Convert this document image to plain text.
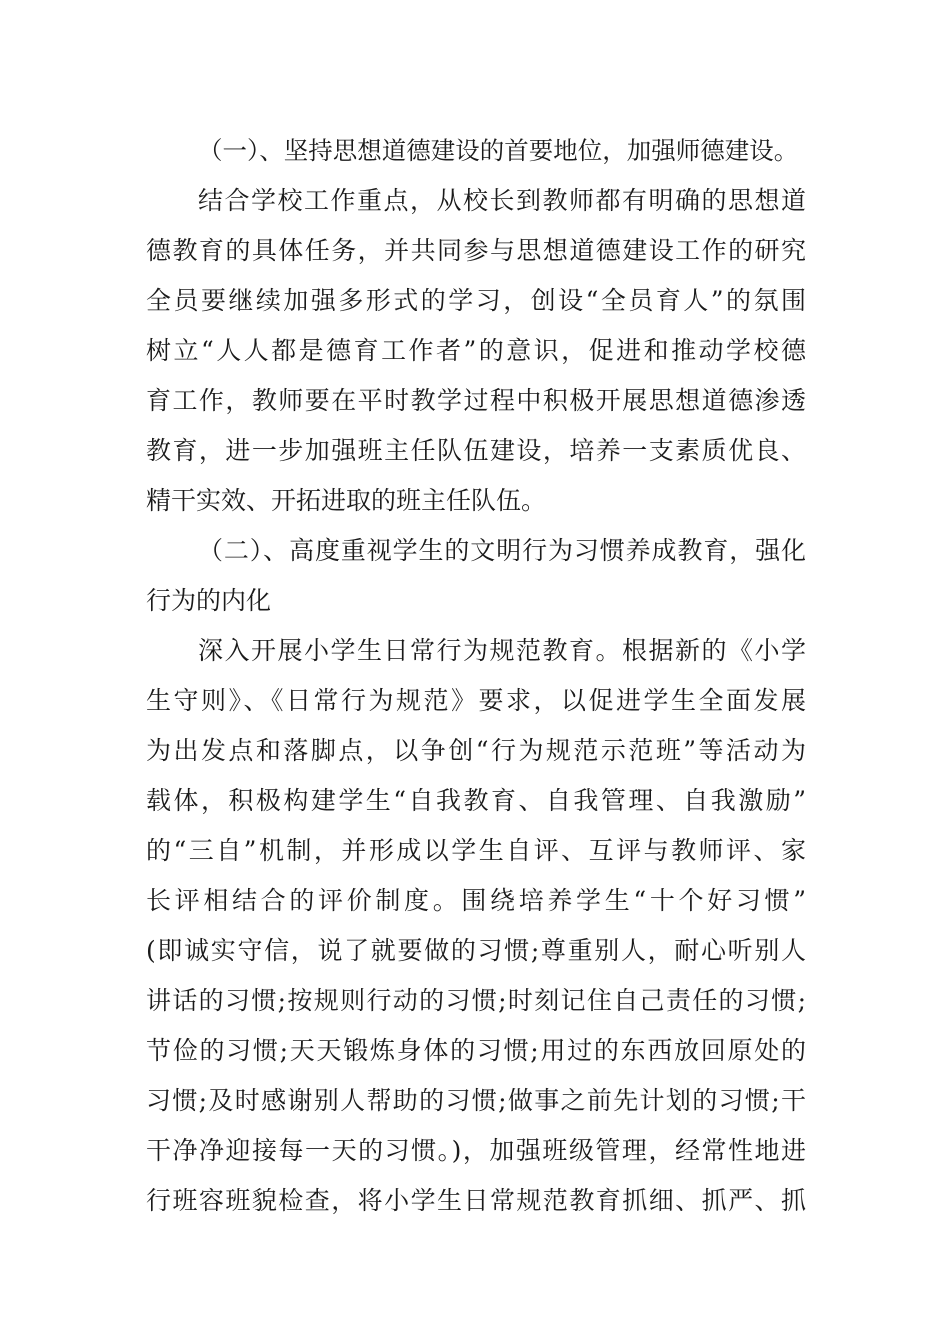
（一）、坚持思想道德建设的首要地位，加强师德建设。
结合学校工作重点，从校长到教师都有明确的思想道
德教育的具体任务，并共同参与思想道德建设工作的研究
全员要继续加强多形式的学习，创设“全员育人”的氛围
树立“人人都是德育工作者”的意识，促进和推动学校德
育工作，教师要在平时教学过程中积极开展思想道德渗透
教育，进一步加强班主任队伍建设，培养一支素质优良、
精干实效、开拓进取的班主任队伍。
（二）、高度重视学生的文明行为习惯养成教育，强化
行为的内化
深入开展小学生日常行为规范教育。根据新的《小学
生守则》、《日常行为规范》要求，以促进学生全面发展
为出发点和落脚点，以争创“行为规范示范班”等活动为
载体，积极构建学生“自我教育、自我管理、自我激励”
的“三自”机制，并形成以学生自评、互评与教师评、家
长评相结合的评价制度。围绕培养学生“十个好习惯”
(即诚实守信，说了就要做的习惯;尊重别人，耐心听别人
讲话的习惯;按规则行动的习惯;时刻记住自己责任的习惯;
节俭的习惯;天天锻炼身体的习惯;用过的东西放回原处的
习惯;及时感谢别人帮助的习惯;做事之前先计划的习惯;干
干净净迎接每一天的习惯。)，加强班级管理，经常性地进
行班容班貌检查，将小学生日常规范教育抓细、抓严、抓
